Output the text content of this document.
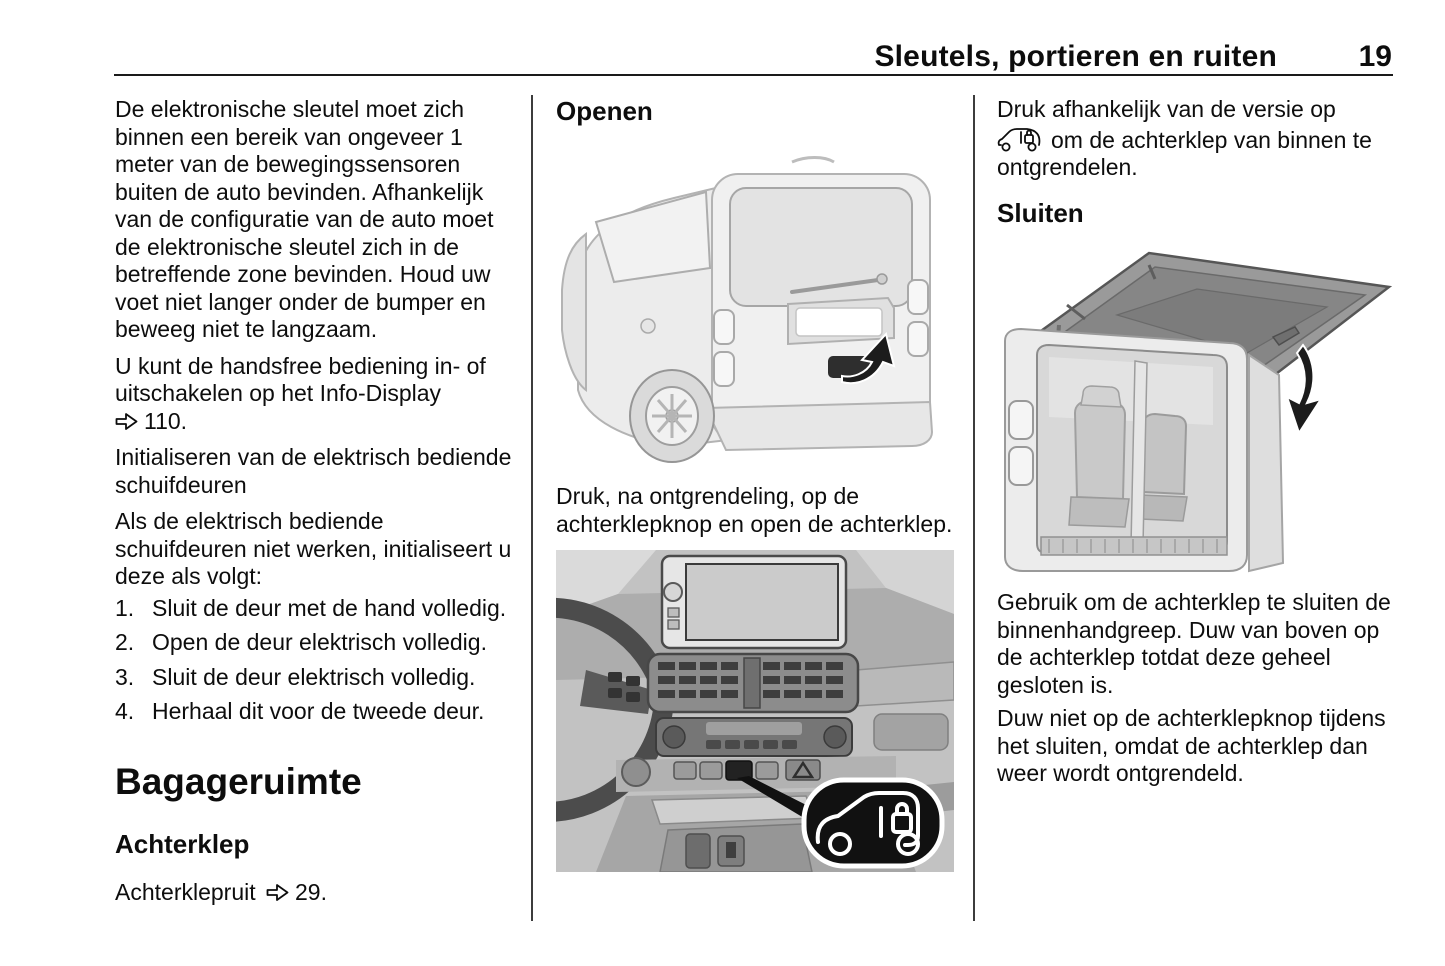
Sleutels, portieren en ruiten	19

De elektronische sleutel moet zich binnen een bereik van ongeveer 1 meter van de bewegingssensoren buiten de auto bevinden. Afhankelijk van de configuratie van de auto moet de elektronische sleutel zich in de betreffende zone bevinden. Houd uw voet niet langer onder de bumper en beweeg niet te langzaam.

U kunt de handsfree bediening in- of uitschakelen op het Info-Display

110.

Initialiseren van de elektrisch bediende schuifdeuren

Als de elektrisch bediende schuifdeuren niet werken, initialiseert u deze als volgt:

1. Sluit de deur met de hand volledig.
2. Open de deur elektrisch volledig.
3. Sluit de deur elektrisch volledig.
4. Herhaal dit voor de tweede deur.
Bagageruimte
Achterklep

Achterklepruit 29.

Openen

Druk, na ontgrendeling, op de achterklepknop en open de achterklep.

Druk afhankelijk van de versie op

om de achterklep van binnen te ontgrendelen.

Sluiten

Gebruik om de achterklep te sluiten de binnenhandgreep. Duw van boven op de achterklep totdat deze geheel gesloten is.

Duw niet op de achterklepknop tijdens het sluiten, omdat de achterklep dan weer wordt ontgrendeld.
